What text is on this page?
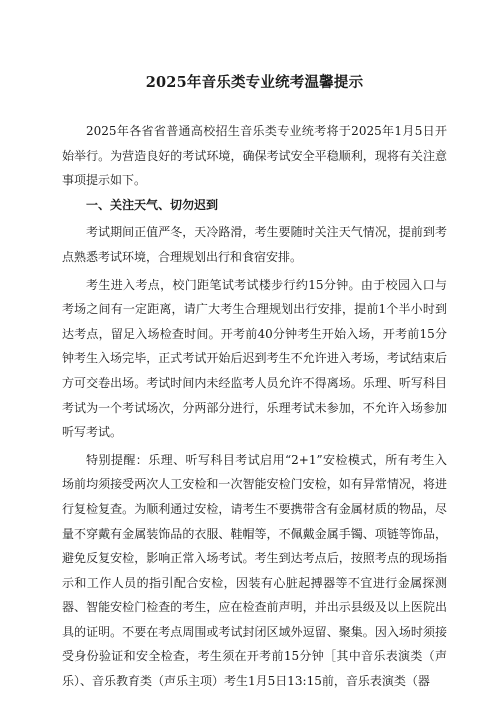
2025年音乐类专业统考温馨提示

2025年各省省普通高校招生音乐类专业统考将于2025年1月5日开始举行。为营造良好的考试环境，确保考试安全平稳顺利，现将有关注意事项提示如下。

一、关注天气、切勿迟到

考试期间正值严冬，天冷路滑，考生要随时关注天气情况，提前到考点熟悉考试环境，合理规划出行和食宿安排。

考生进入考点，校门距笔试考试楼步行约15分钟。由于校园入口与考场之间有一定距离，请广大考生合理规划出行安排，提前1个半小时到达考点，留足入场检查时间。开考前40分钟考生开始入场，开考前15分钟考生入场完毕，正式考试开始后迟到考生不允许进入考场，考试结束后方可交卷出场。考试时间内未经监考人员允许不得离场。乐理、听写科目考试为一个考试场次，分两部分进行，乐理考试未参加，不允许入场参加听写考试。

特别提醒：乐理、听写科目考试启用“2+1”安检模式，所有考生入场前均须接受两次人工安检和一次智能安检门安检，如有异常情况，将进行复检复查。为顺利通过安检，请考生不要携带含有金属材质的物品，尽量不穿戴有金属装饰品的衣服、鞋帽等，不佩戴金属手镯、项链等饰品，避免反复安检，影响正常入场考试。考生到达考点后，按照考点的现场指示和工作人员的指引配合安检，因装有心脏起搏器等不宜进行金属探测器、智能安检门检查的考生，应在检查前声明，并出示县级及以上医院出具的证明。不要在考点周围或考试封闭区域外逗留、聚集。因入场时须接受身份验证和安全检查，考生须在开考前15分钟［其中音乐表演类（声乐）、音乐教育类（声乐主项）考生1月5日13:15前，音乐表演类（器
